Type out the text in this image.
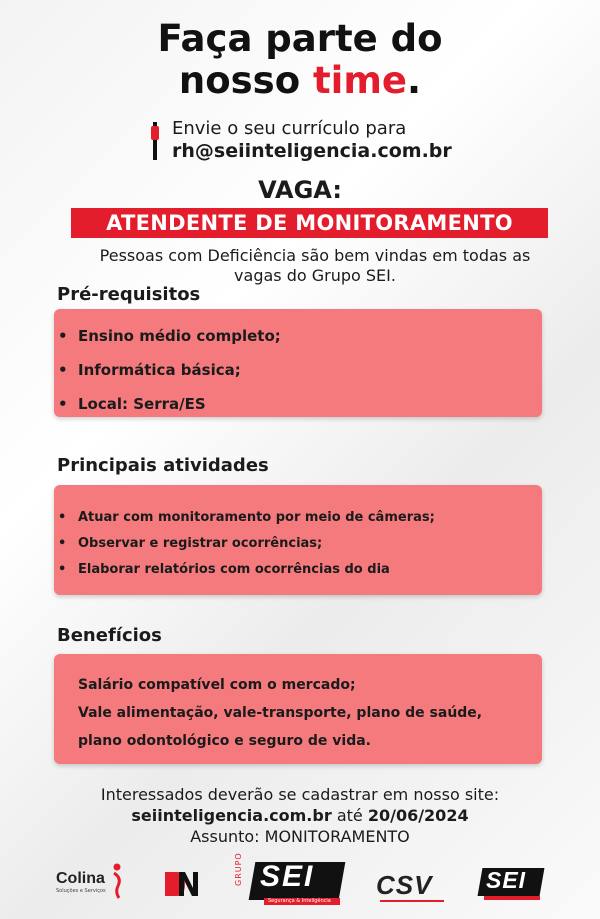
Faça parte do
nosso time.
Envie o seu currículo para
rh@seiinteligencia.com.br
VAGA:
ATENDENTE DE MONITORAMENTO
Pessoas com Deficiência são bem vindas em todas as vagas do Grupo SEI.
Pré-requisitos
• Ensino médio completo;
• Informática básica;
• Local: Serra/ES
Principais atividades
• Atuar com monitoramento por meio de câmeras;
• Observar e registrar ocorrências;
• Elaborar relatórios com ocorrências do dia
Benefícios
Salário compatível com o mercado;
Vale alimentação, vale-transporte, plano de saúde,
plano odontológico e seguro de vida.
Interessados deverão se cadastrar em nosso site:
seiinteligencia.com.br até 20/06/2024
Assunto: MONITORAMENTO
Colina
Soluções e Serviços
GRUPO SEI
Segurança & Inteligência
CSV SEI
